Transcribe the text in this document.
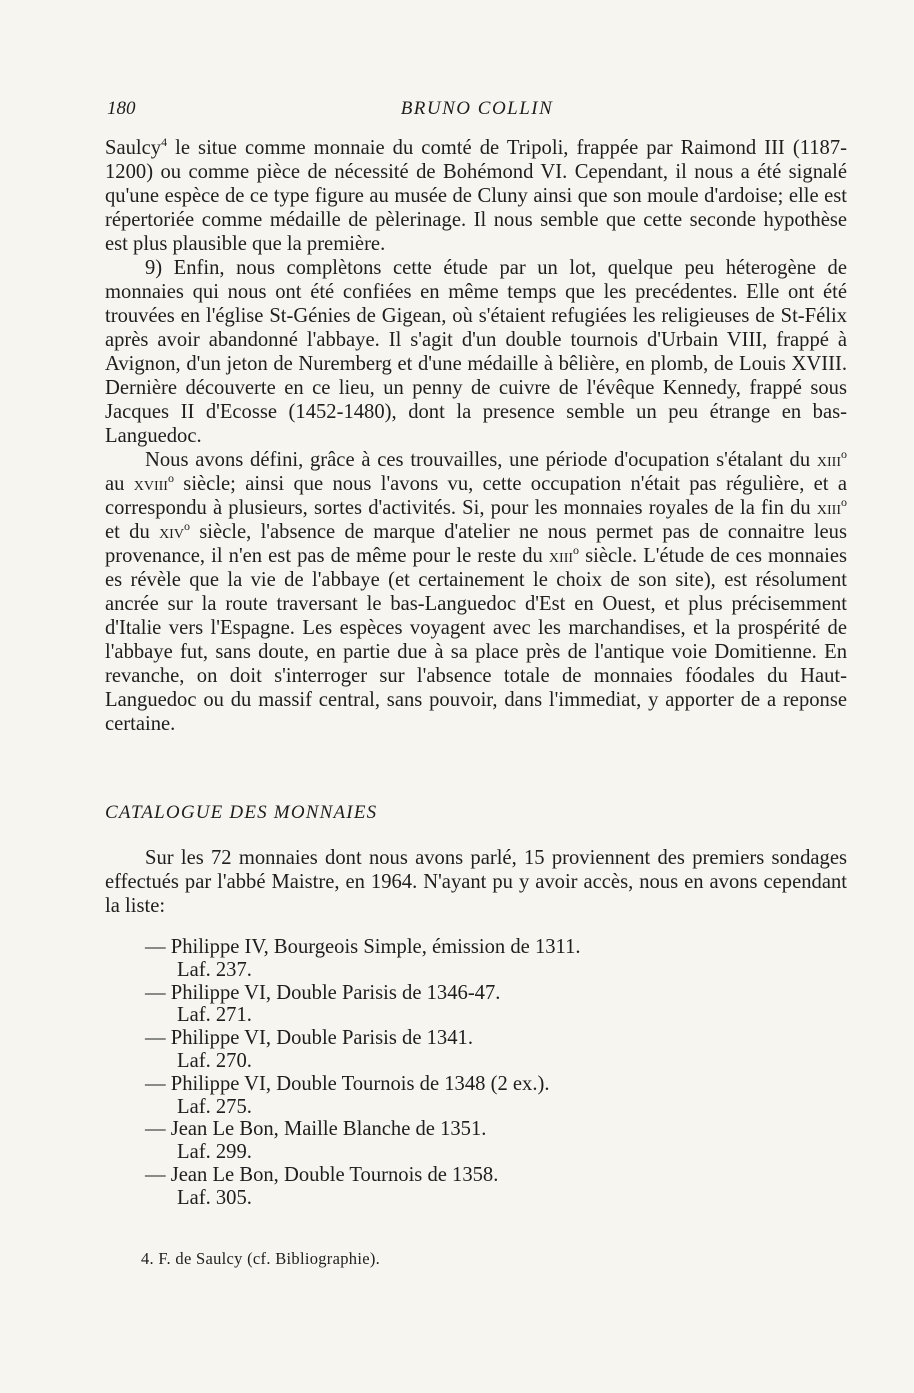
180	BRUNO COLLIN

Saulcy$^4$ le situe comme monnaie du comté de Tripoli, frappée par Raimond III (1187-1200) ou comme pièce de nécessité de Bohémond VI. Cependant, il nous a été signalé qu'une espèce de ce type figure au musée de Cluny ainsi que son moule d'ardoise; elle est répertoriée comme médaille de pèlerinage. Il nous semble que cette seconde hypothèse est plus plausible que la première.

9) Enfin, nous complètons cette étude par un lot, quelque peu héterogène de monnaies qui nous ont été confiées en même temps que les precédentes. Elle ont été trouvées en l'église St-Génies de Gigean, où s'étaient refugiées les religieuses de St-Félix après avoir abandonné l'abbaye. Il s'agit d'un double tournois d'Urbain VIII, frappé à Avignon, d'un jeton de Nuremberg et d'une médaille à bêlière, en plomb, de Louis XVIII. Dernière découverte en ce lieu, un penny de cuivre de l'évêque Kennedy, frappé sous Jacques II d'Ecosse (1452-1480), dont la presence semble un peu étrange en bas-Languedoc.

Nous avons défini, grâce à ces trouvailles, une période d'ocupation s'étalant du xiii$^o$ au xviii$^o$ siècle; ainsi que nous l'avons vu, cette occupation n'était pas régulière, et a correspondu à plusieurs, sortes d'activités. Si, pour les monnaies royales de la fin du xiii$^o$ et du xiv$^o$ siècle, l'absence de marque d'atelier ne nous permet pas de connaitre leus provenance, il n'en est pas de même pour le reste du xiii$^o$ siècle. L'étude de ces monnaies es révèle que la vie de l'abbaye (et certainement le choix de son site), est résolument ancrée sur la route traversant le bas-Languedoc d'Est en Ouest, et plus précisemment d'Italie vers l'Espagne. Les espèces voyagent avec les marchandises, et la prospérité de l'abbaye fut, sans doute, en partie due à sa place près de l'antique voie Domitienne. En revanche, on doit s'interroger sur l'absence totale de monnaies fóodales du Haut-Languedoc ou du massif central, sans pouvoir, dans l'immediat, y apporter de a reponse certaine.

CATALOGUE DES MONNAIES

Sur les 72 monnaies dont nous avons parlé, 15 proviennent des premiers sondages effectués par l'abbé Maistre, en 1964. N'ayant pu y avoir accès, nous en avons cependant la liste:

— Philippe IV, Bourgeois Simple, émission de 1311.
Laf. 237.
— Philippe VI, Double Parisis de 1346-47.
Laf. 271.
— Philippe VI, Double Parisis de 1341.
Laf. 270.
— Philippe VI, Double Tournois de 1348 (2 ex.).
Laf. 275.
— Jean Le Bon, Maille Blanche de 1351.
Laf. 299.
— Jean Le Bon, Double Tournois de 1358.
Laf. 305.
4. F. de Saulcy (cf. Bibliographie).
